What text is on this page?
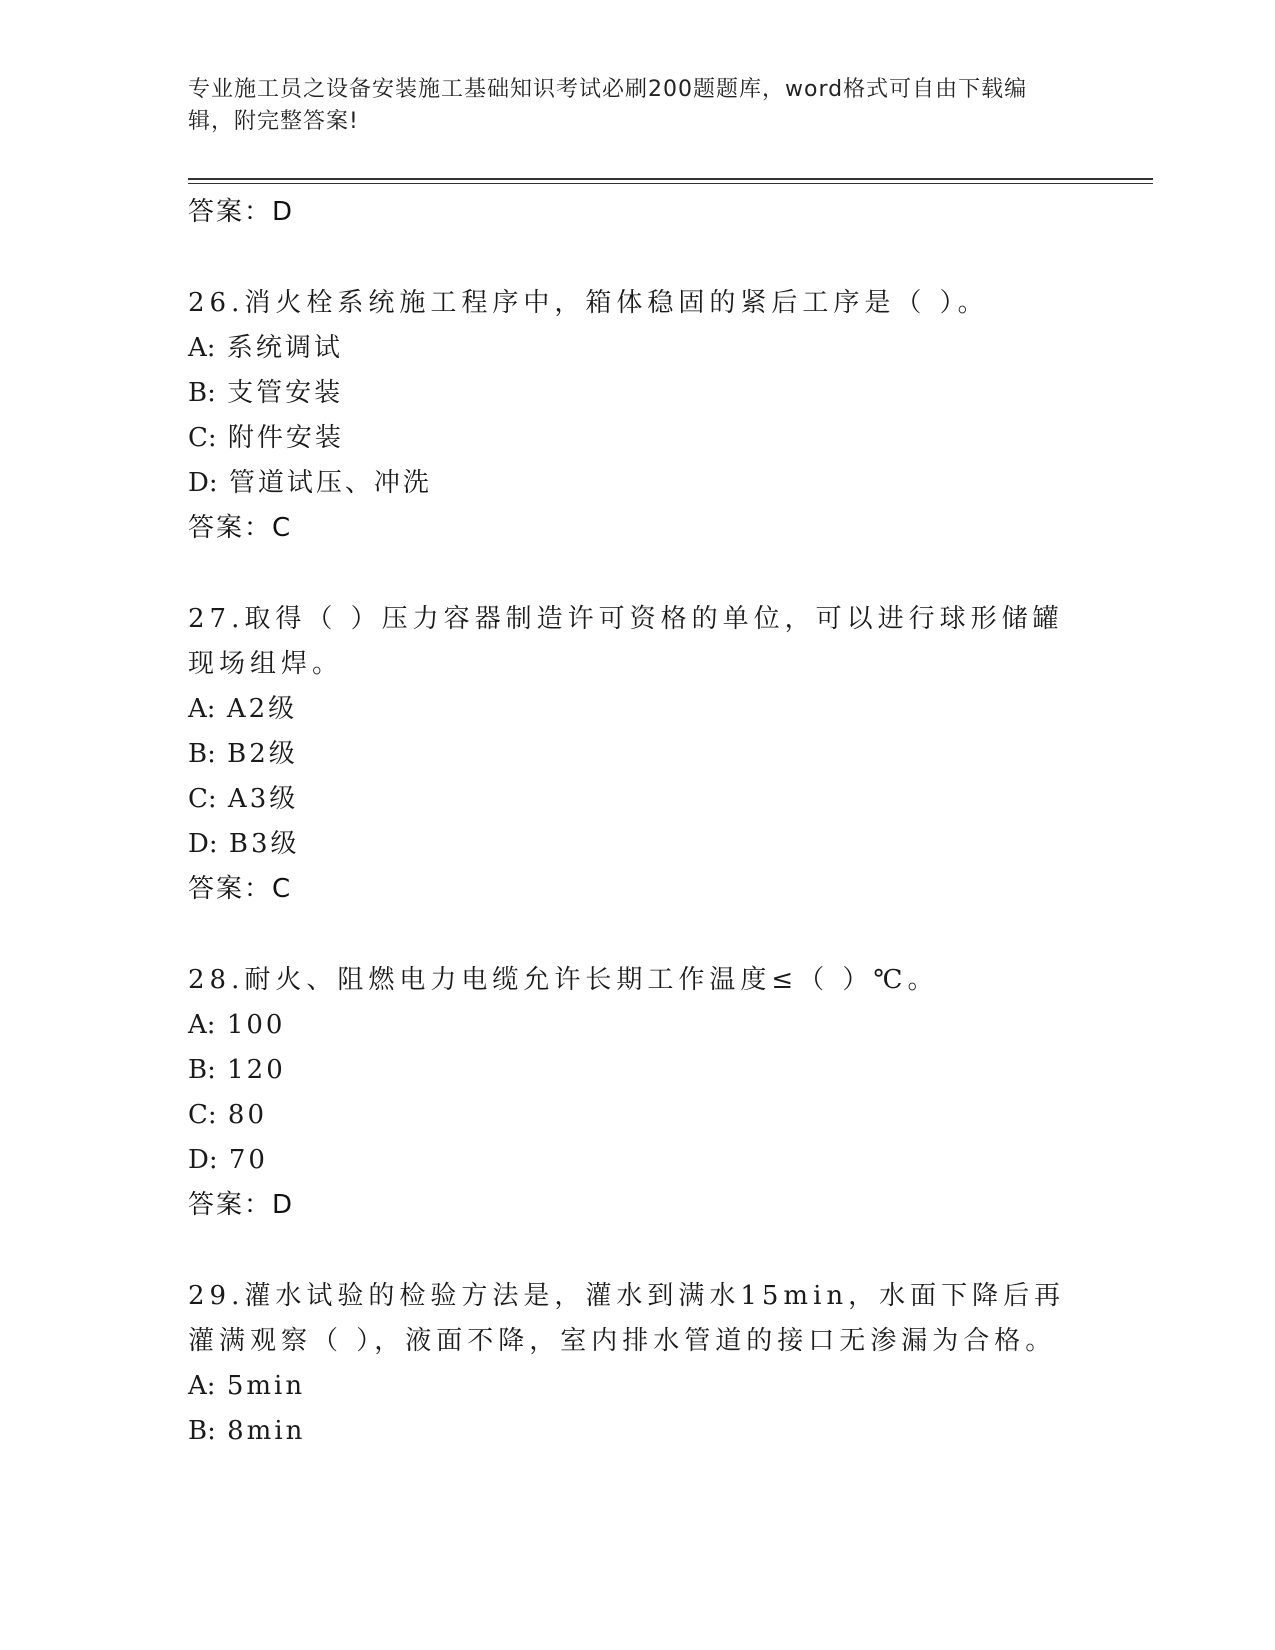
专业施工员之设备安装施工基础知识考试必刷200题题库，word格式可自由下载编辑，附完整答案!
答案：D
26.消火栓系统施工程序中，箱体稳固的紧后工序是（ ）。
A: 系统调试
B: 支管安装
C: 附件安装
D: 管道试压、冲洗
答案：C
27.取得（ ）压力容器制造许可资格的单位，可以进行球形储罐现场组焊。
A: A2级
B: B2级
C: A3级
D: B3级
答案：C
28.耐火、阻燃电力电缆允许长期工作温度≤（ ）℃。
A: 100
B: 120
C: 80
D: 70
答案：D
29.灌水试验的检验方法是，灌水到满水15min，水面下降后再灌满观察（ ），液面不降，室内排水管道的接口无渗漏为合格。
A: 5min
B: 8min
